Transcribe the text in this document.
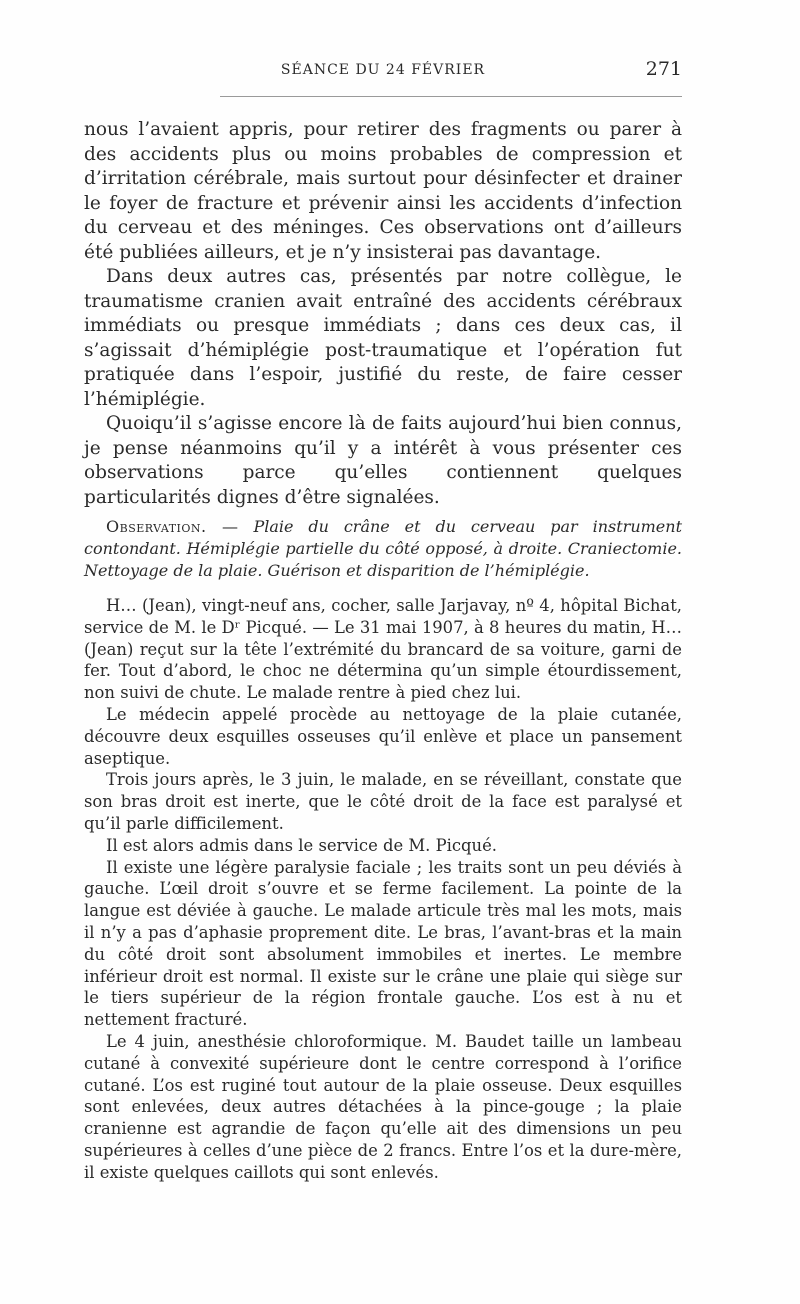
SÉANCE DU 24 FÉVRIER	271

nous l’avaient appris, pour retirer des fragments ou parer à des accidents plus ou moins probables de compression et d’irritation cérébrale, mais surtout pour désinfecter et drainer le foyer de fracture et prévenir ainsi les accidents d’infection du cerveau et des méninges. Ces observations ont d’ailleurs été publiées ailleurs, et je n’y insisterai pas davantage.

Dans deux autres cas, présentés par notre collègue, le traumatisme cranien avait entraîné des accidents cérébraux immédiats ou presque immédiats ; dans ces deux cas, il s’agissait d’hémiplégie post-traumatique et l’opération fut pratiquée dans l’espoir, justifié du reste, de faire cesser l’hémiplégie.

Quoiqu’il s’agisse encore là de faits aujourd’hui bien connus, je pense néanmoins qu’il y a intérêt à vous présenter ces observations parce qu’elles contiennent quelques particularités dignes d’être signalées.

Observation. — Plaie du crâne et du cerveau par instrument contondant. Hémiplégie partielle du côté opposé, à droite. Craniectomie. Nettoyage de la plaie. Guérison et disparition de l’hémiplégie.

H… (Jean), vingt-neuf ans, cocher, salle Jarjavay, nº 4, hôpital Bichat, service de M. le Dʳ Picqué. — Le 31 mai 1907, à 8 heures du matin, H… (Jean) reçut sur la tête l’extrémité du brancard de sa voiture, garni de fer. Tout d’abord, le choc ne détermina qu’un simple étourdissement, non suivi de chute. Le malade rentre à pied chez lui.

Le médecin appelé procède au nettoyage de la plaie cutanée, découvre deux esquilles osseuses qu’il enlève et place un pansement aseptique.

Trois jours après, le 3 juin, le malade, en se réveillant, constate que son bras droit est inerte, que le côté droit de la face est paralysé et qu’il parle difficilement.

Il est alors admis dans le service de M. Picqué.

Il existe une légère paralysie faciale ; les traits sont un peu déviés à gauche. L’œil droit s’ouvre et se ferme facilement. La pointe de la langue est déviée à gauche. Le malade articule très mal les mots, mais il n’y a pas d’aphasie proprement dite. Le bras, l’avant-bras et la main du côté droit sont absolument immobiles et inertes. Le membre inférieur droit est normal. Il existe sur le crâne une plaie qui siège sur le tiers supérieur de la région frontale gauche. L’os est à nu et nettement fracturé.

Le 4 juin, anesthésie chloroformique. M. Baudet taille un lambeau cutané à convexité supérieure dont le centre correspond à l’orifice cutané. L’os est ruginé tout autour de la plaie osseuse. Deux esquilles sont enlevées, deux autres détachées à la pince-gouge ; la plaie cranienne est agrandie de façon qu’elle ait des dimensions un peu supérieures à celles d’une pièce de 2 francs. Entre l’os et la dure-mère, il existe quelques caillots qui sont enlevés.
